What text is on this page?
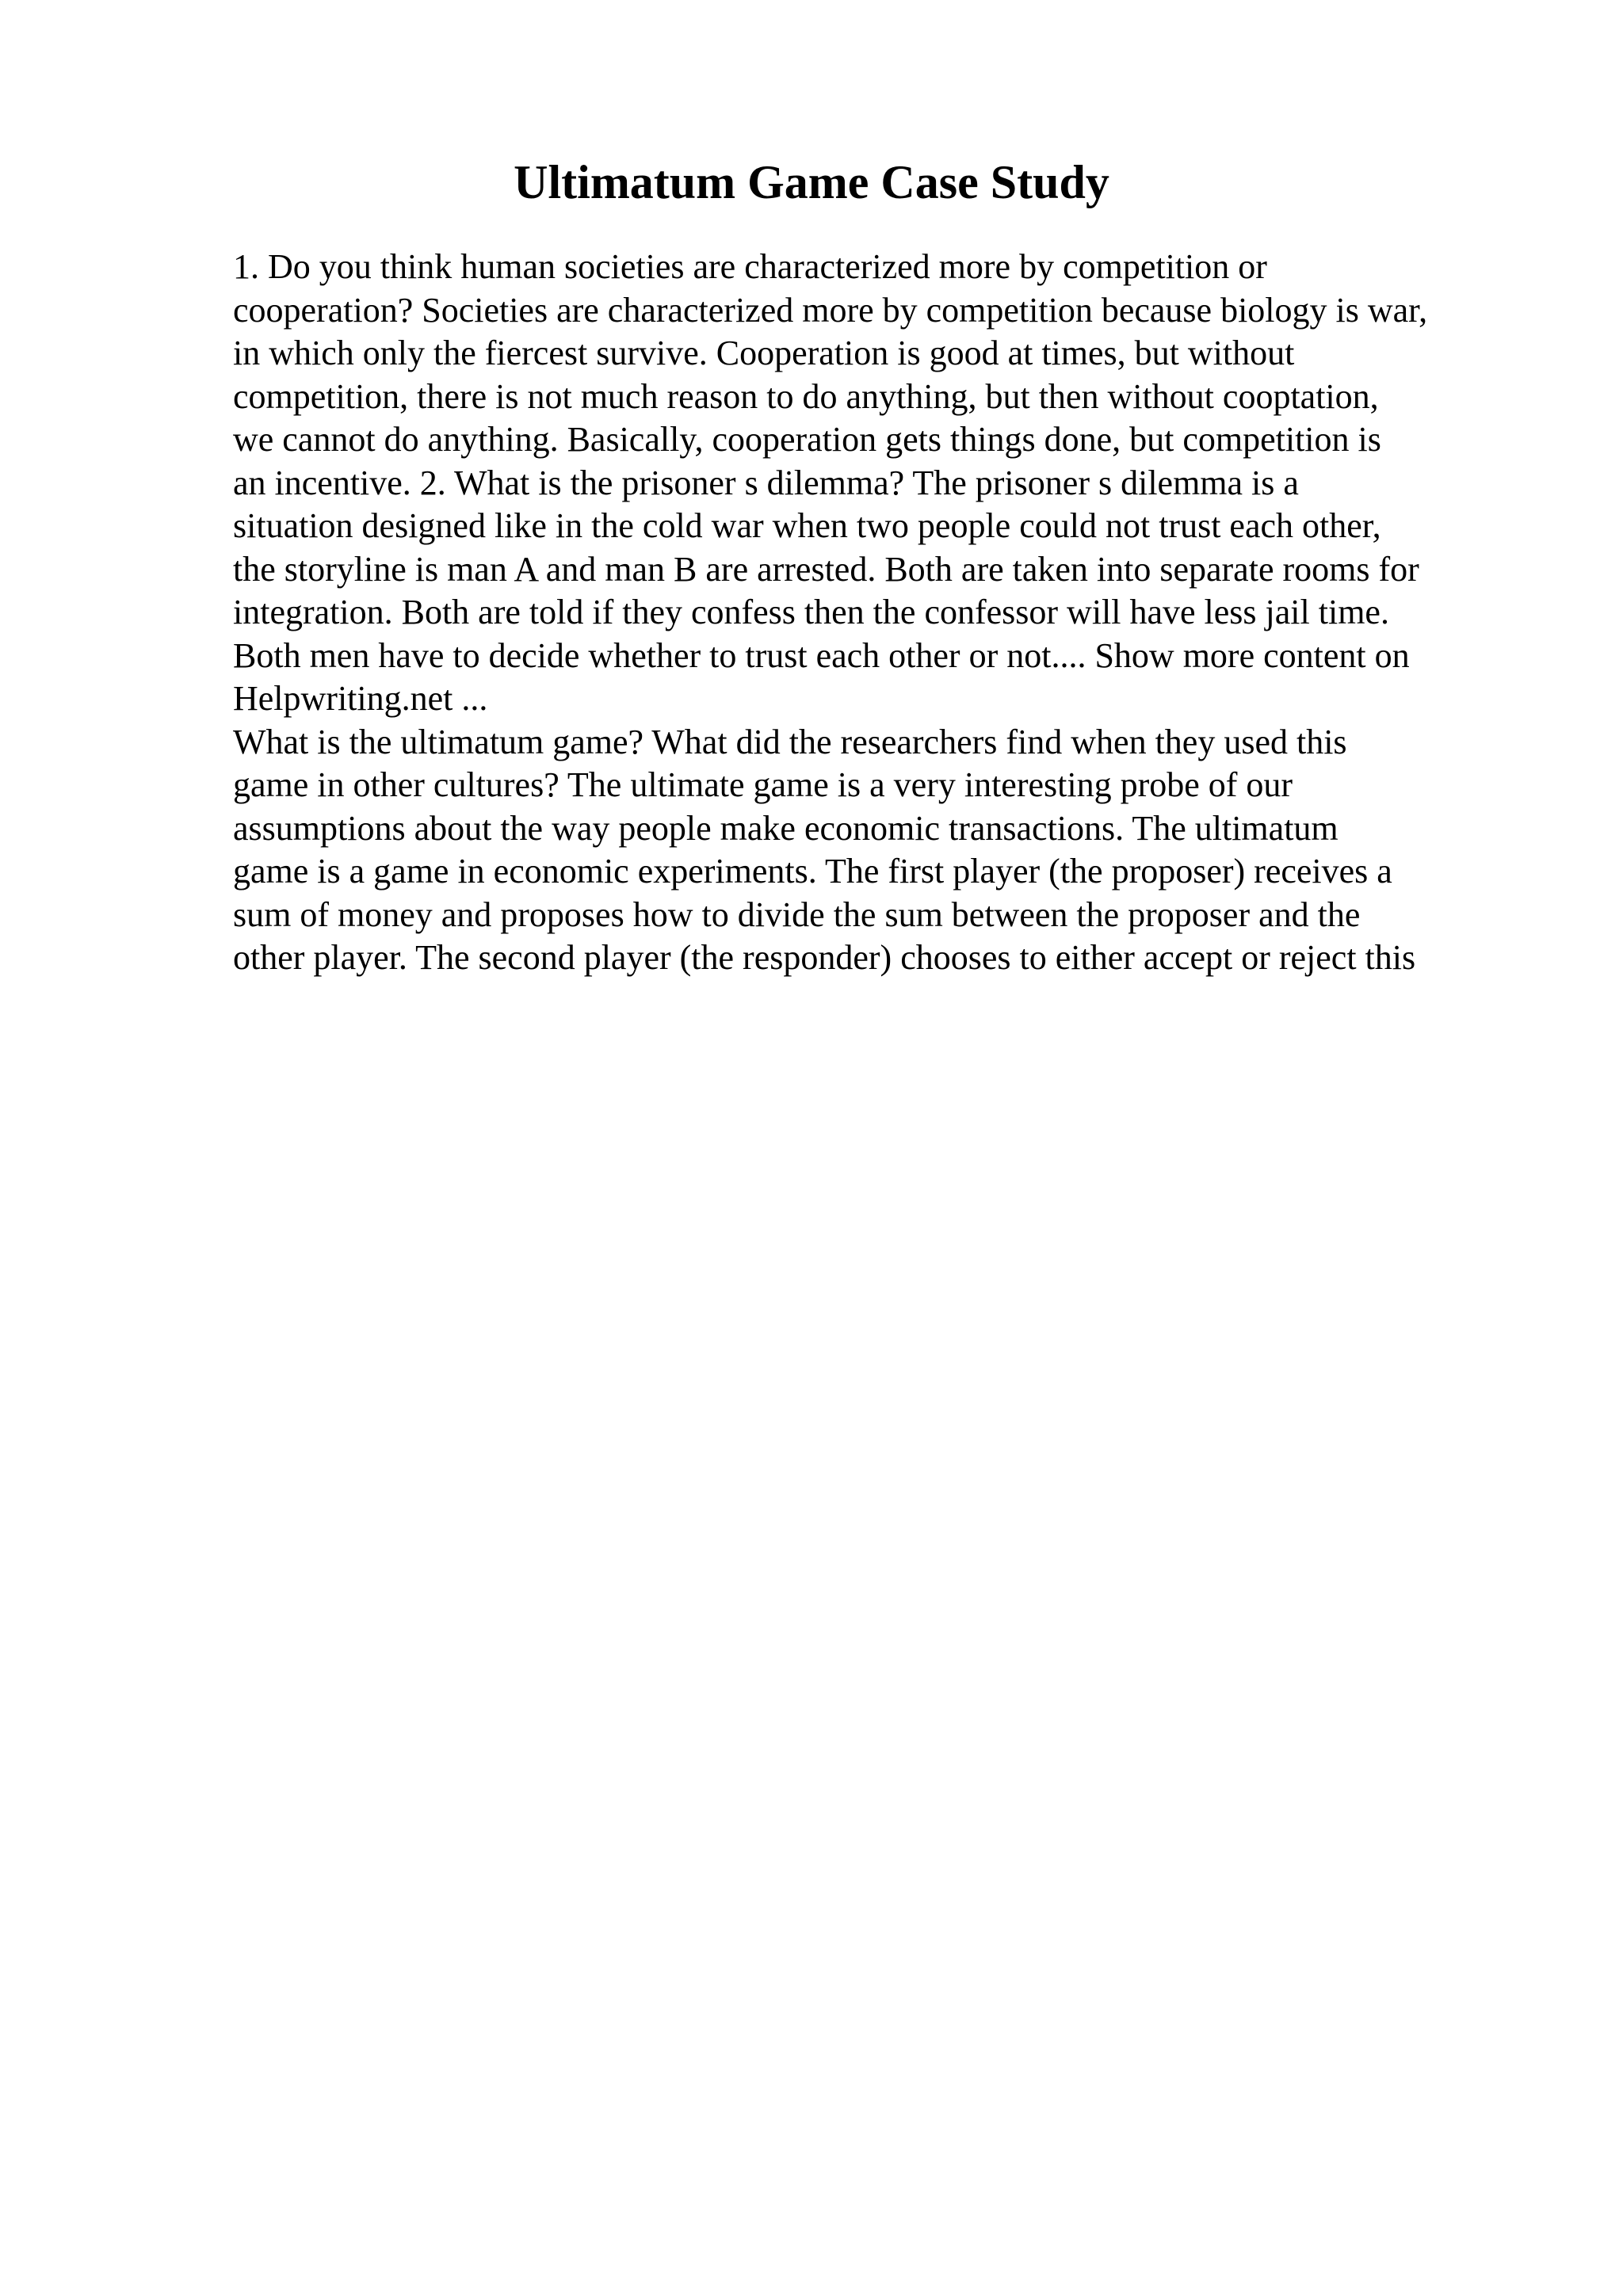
Ultimatum Game Case Study
1. Do you think human societies are characterized more by competition or
cooperation? Societies are characterized more by competition because biology is war,
in which only the fiercest survive. Cooperation is good at times, but without
competition, there is not much reason to do anything, but then without cooptation,
we cannot do anything. Basically, cooperation gets things done, but competition is
an incentive. 2. What is the prisoner s dilemma? The prisoner s dilemma is a
situation designed like in the cold war when two people could not trust each other,
the storyline is man A and man B are arrested. Both are taken into separate rooms for
integration. Both are told if they confess then the confessor will have less jail time.
Both men have to decide whether to trust each other or not.... Show more content on
Helpwriting.net ...
What is the ultimatum game? What did the researchers find when they used this
game in other cultures? The ultimate game is a very interesting probe of our
assumptions about the way people make economic transactions. The ultimatum
game is a game in economic experiments. The first player (the proposer) receives a
sum of money and proposes how to divide the sum between the proposer and the
other player. The second player (the responder) chooses to either accept or reject this
